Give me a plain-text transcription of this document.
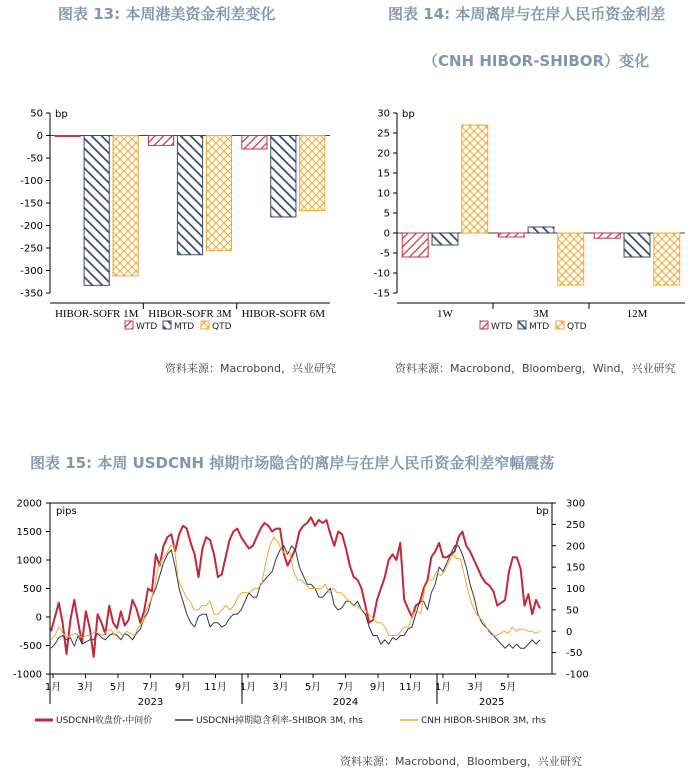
图表 13: 本周港美资金利差变化
50
0
-50
-100
-150
-200
-250
-300
-350
bp
HIBOR-SOFR 1M HIBOR-SOFR 3M HIBOR-SOFR 6M
WTD MTD QTD
资料来源：Macrobond，兴业研究
图表 14: 本周离岸与在岸人民币资金利差
（CNH HIBOR-SHIBOR）变化
30
25
20
15
10
5
0
-5
-10
-15
bp
1W	3M	12M
WTD MTD QTD
资料来源：Macrobond，Bloomberg，Wind，兴业研究
图表 15: 本周 USDCNH 掉期市场隐含的离岸与在岸人民币资金利差窄幅震荡
2000
1500
1000
500
0
-500
-1000
300
250
200
150
100
50
0
-50
-100
pips	bp
1月 3月 5月 7月 9月 11月 1月 3月 5月 7月 9月 11月 1月 3月 5月
2023	2024	2025
USDCNH收盘价-中间价	USDCNH掉期隐含利率-SHIBOR 3M, rhs	CNH HIBOR-SHIBOR 3M, rhs
资料来源：Macrobond，Bloomberg，兴业研究
